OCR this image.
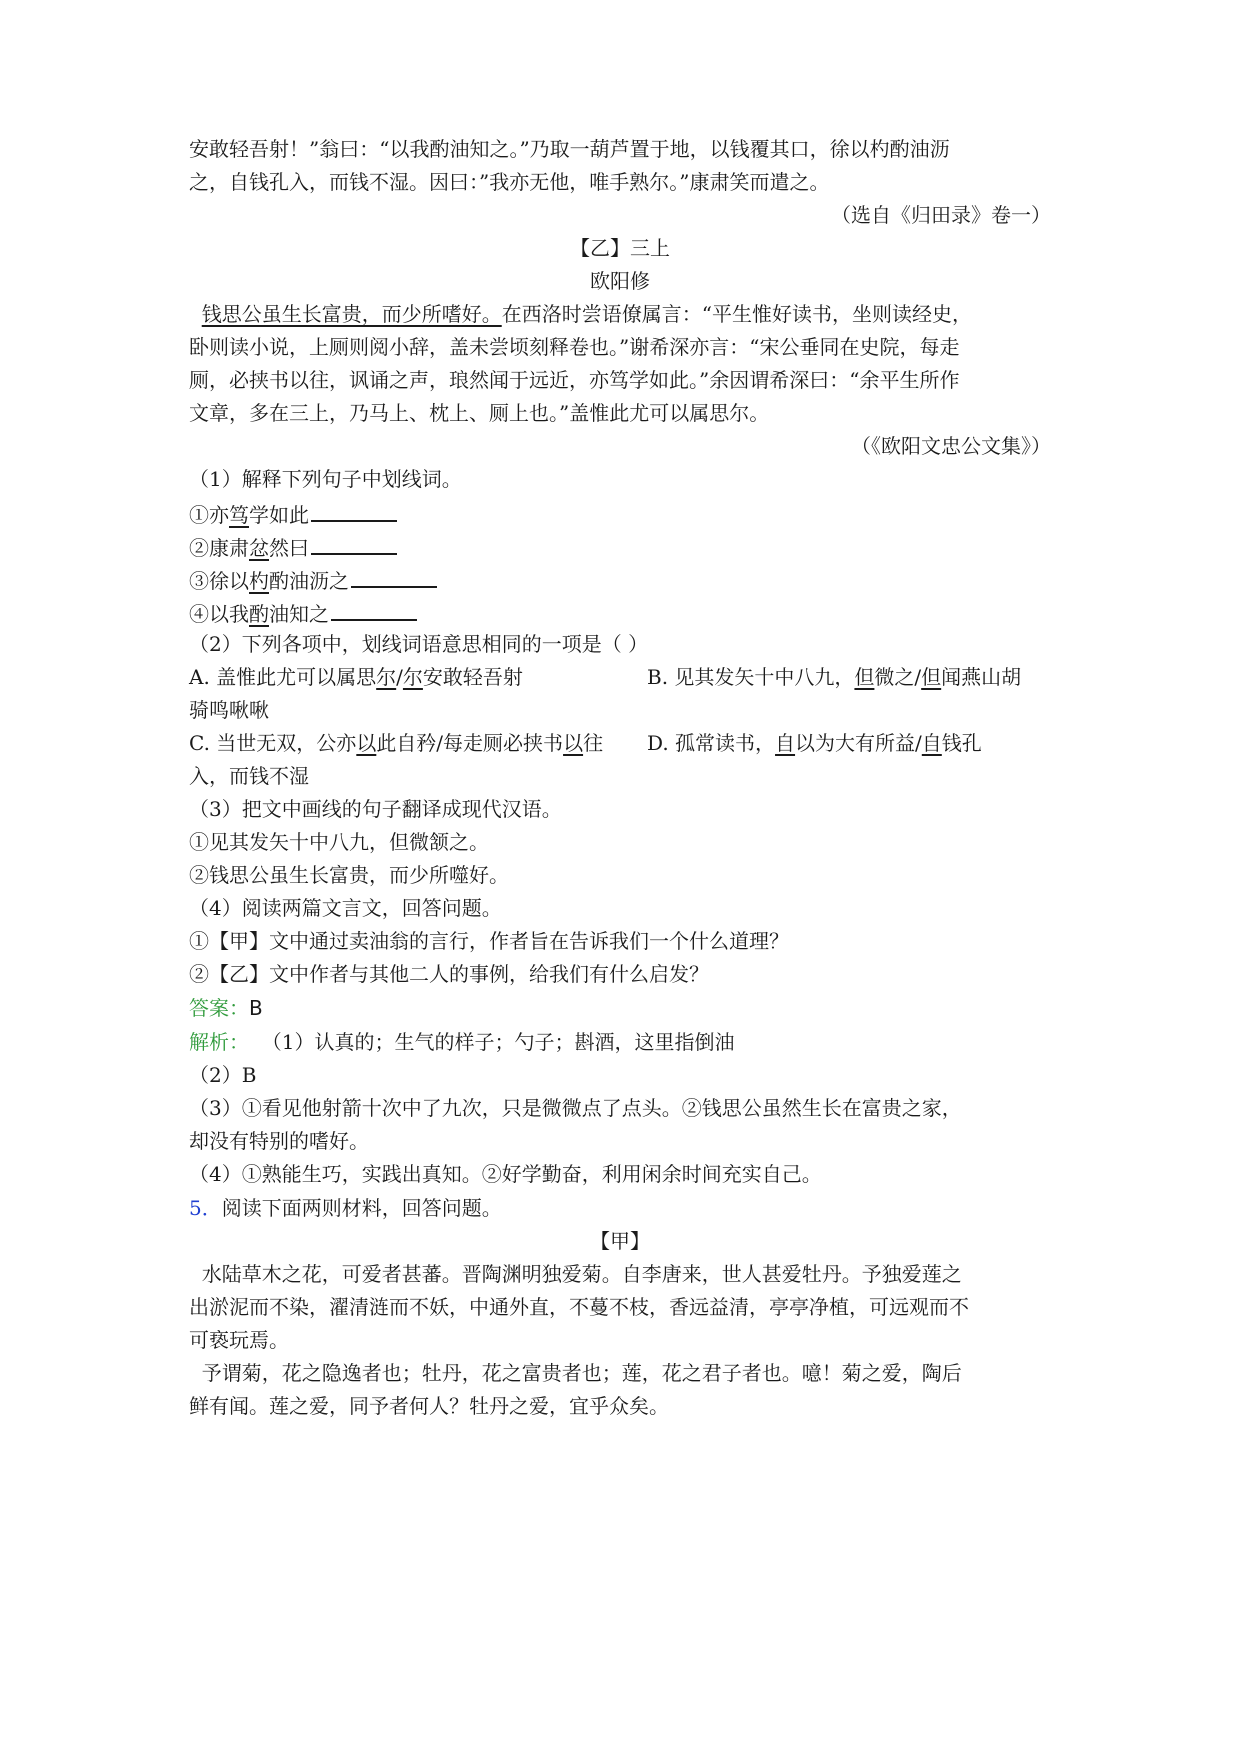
安敢轻吾射！”翁曰：“以我酌油知之。”乃取一葫芦置于地，以钱覆其口，徐以杓酌油沥
之，自钱孔入，而钱不湿。因曰：”我亦无他，唯手熟尔。”康肃笑而遣之。
（选自《归田录》卷一）
【乙】三上
欧阳修
钱思公虽生长富贵，而少所嗜好。在西洛时尝语僚属言：“平生惟好读书，坐则读经史，
卧则读小说，上厕则阅小辞，盖未尝顷刻释卷也。”谢希深亦言：“宋公垂同在史院，每走
厕，必挟书以往，讽诵之声，琅然闻于远近，亦笃学如此。”余因谓希深曰：“余平生所作
文章，多在三上，乃马上、枕上、厕上也。”盖惟此尤可以属思尔。
（《欧阳文忠公文集》）
（1）解释下列句子中划线词。
①亦笃学如此
②康肃忿然曰
③徐以杓酌油沥之
④以我酌油知之
（2）下列各项中，划线词语意思相同的一项是（ ）
A. 盖惟此尤可以属思尔/尔安敢轻吾射	B. 见其发矢十中八九，但微之/但闻燕山胡
骑鸣啾啾
C. 当世无双，公亦以此自矜/每走厕必挟书以往 D. 孤常读书，自以为大有所益/自钱孔
入，而钱不湿
（3）把文中画线的句子翻译成现代汉语。
①见其发矢十中八九，但微颔之。
②钱思公虽生长富贵，而少所噬好。
（4）阅读两篇文言文，回答问题。
①【甲】文中通过卖油翁的言行，作者旨在告诉我们一个什么道理？
②【乙】文中作者与其他二人的事例，给我们有什么启发？
答案：B
解析： （1）认真的；生气的样子；勺子；斟酒，这里指倒油
（2）B
（3）①看见他射箭十次中了九次，只是微微点了点头。②钱思公虽然生长在富贵之家，
却没有特别的嗜好。
（4）①熟能生巧，实践出真知。②好学勤奋，利用闲余时间充实自己。
5．阅读下面两则材料，回答问题。
【甲】
水陆草木之花，可爱者甚蕃。晋陶渊明独爱菊。自李唐来，世人甚爱牡丹。予独爱莲之
出淤泥而不染，濯清涟而不妖，中通外直，不蔓不枝，香远益清，亭亭净植，可远观而不
可亵玩焉。
予谓菊，花之隐逸者也；牡丹，花之富贵者也；莲，花之君子者也。噫！菊之爱，陶后
鲜有闻。莲之爱，同予者何人？牡丹之爱，宜乎众矣。
